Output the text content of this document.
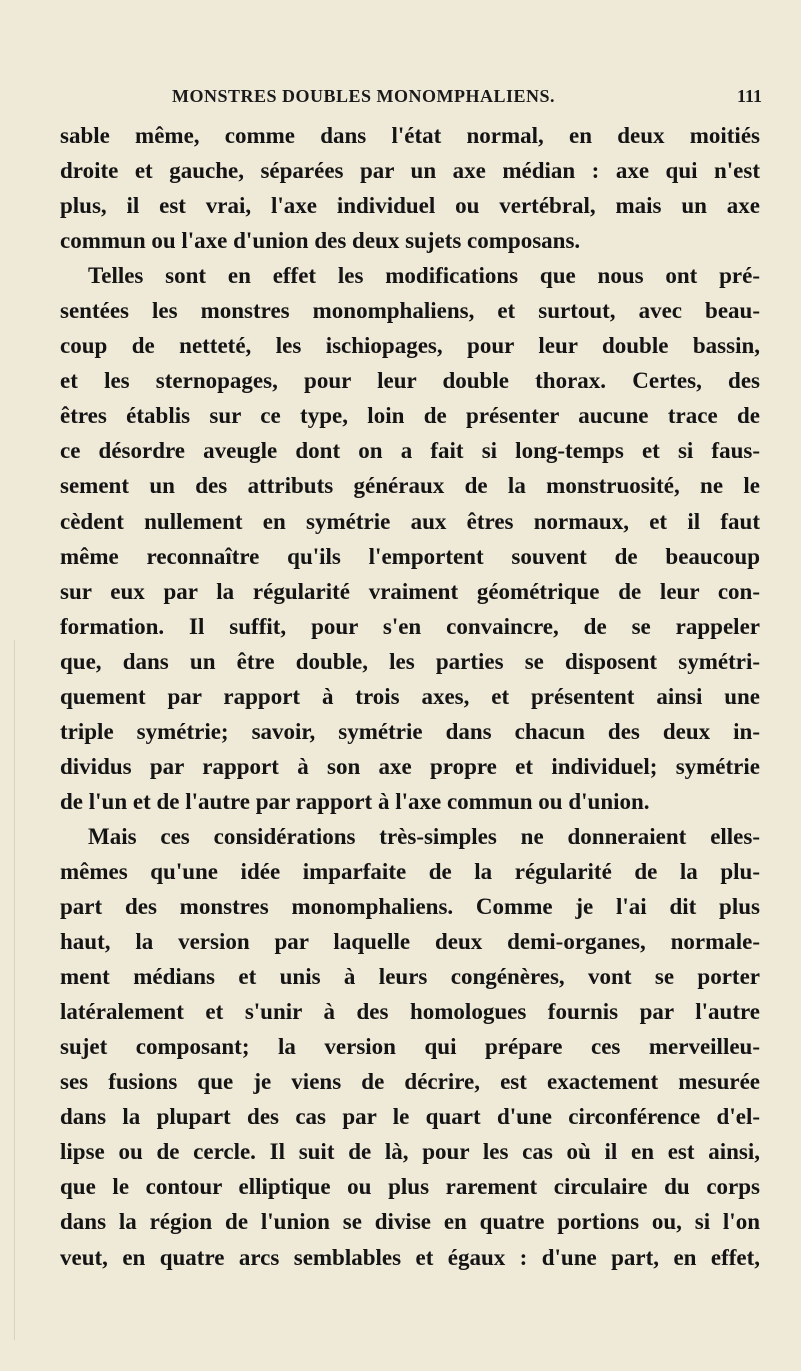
MONSTRES DOUBLES MONOMPHALIENS.	111
sable même, comme dans l'état normal, en deux moitiés
droite et gauche, séparées par un axe médian : axe qui n'est
plus, il est vrai, l'axe individuel ou vertébral, mais un axe
commun ou l'axe d'union des deux sujets composans.
Telles sont en effet les modifications que nous ont pré-
sentées les monstres monomphaliens, et surtout, avec beau-
coup de netteté, les ischiopages, pour leur double bassin,
et les sternopages, pour leur double thorax. Certes, des
êtres établis sur ce type, loin de présenter aucune trace de
ce désordre aveugle dont on a fait si long-temps et si faus-
sement un des attributs généraux de la monstruosité, ne le
cèdent nullement en symétrie aux êtres normaux, et il faut
même reconnaître qu'ils l'emportent souvent de beaucoup
sur eux par la régularité vraiment géométrique de leur con-
formation. Il suffit, pour s'en convaincre, de se rappeler
que, dans un être double, les parties se disposent symétri-
quement par rapport à trois axes, et présentent ainsi une
triple symétrie; savoir, symétrie dans chacun des deux in-
dividus par rapport à son axe propre et individuel; symétrie
de l'un et de l'autre par rapport à l'axe commun ou d'union.
Mais ces considérations très-simples ne donneraient elles-
mêmes qu'une idée imparfaite de la régularité de la plu-
part des monstres monomphaliens. Comme je l'ai dit plus
haut, la version par laquelle deux demi-organes, normale-
ment médians et unis à leurs congénères, vont se porter
latéralement et s'unir à des homologues fournis par l'autre
sujet composant; la version qui prépare ces merveilleu-
ses fusions que je viens de décrire, est exactement mesurée
dans la plupart des cas par le quart d'une circonférence d'el-
lipse ou de cercle. Il suit de là, pour les cas où il en est ainsi,
que le contour elliptique ou plus rarement circulaire du corps
dans la région de l'union se divise en quatre portions ou, si l'on
veut, en quatre arcs semblables et égaux : d'une part, en effet,
